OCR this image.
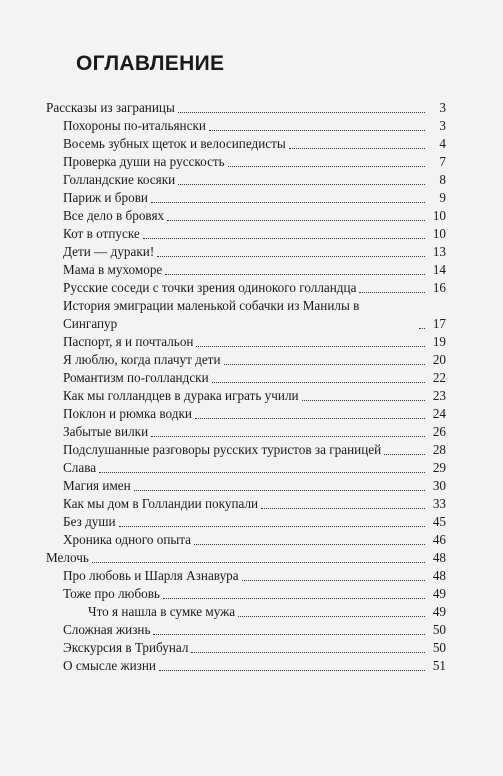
ОГЛАВЛЕНИЕ
Рассказы из заграницы	3
Похороны по-итальянски	3
Восемь зубных щеток и велосипедисты	4
Проверка души на русскость	7
Голландские косяки	8
Париж и брови	9
Все дело в бровях	10
Кот в отпуске	10
Дети — дураки!	13
Мама в мухоморе	14
Русские соседи с точки зрения одинокого голландца	16
История эмиграции маленькой собачки из Манилы в Сингапур	17
Паспорт, я и почтальон	19
Я люблю, когда плачут дети	20
Романтизм по-голландски	22
Как мы голландцев в дурака играть учили	23
Поклон и рюмка водки	24
Забытые вилки	26
Подслушанные разговоры русских туристов за границей	28
Слава	29
Магия имен	30
Как мы дом в Голландии покупали	33
Без души	45
Хроника одного опыта	46
Мелочь	48
Про любовь и Шарля Азнавура	48
Тоже про любовь	49
Что я нашла в сумке мужа	49
Сложная жизнь	50
Экскурсия в Трибунал	50
О смысле жизни	51
